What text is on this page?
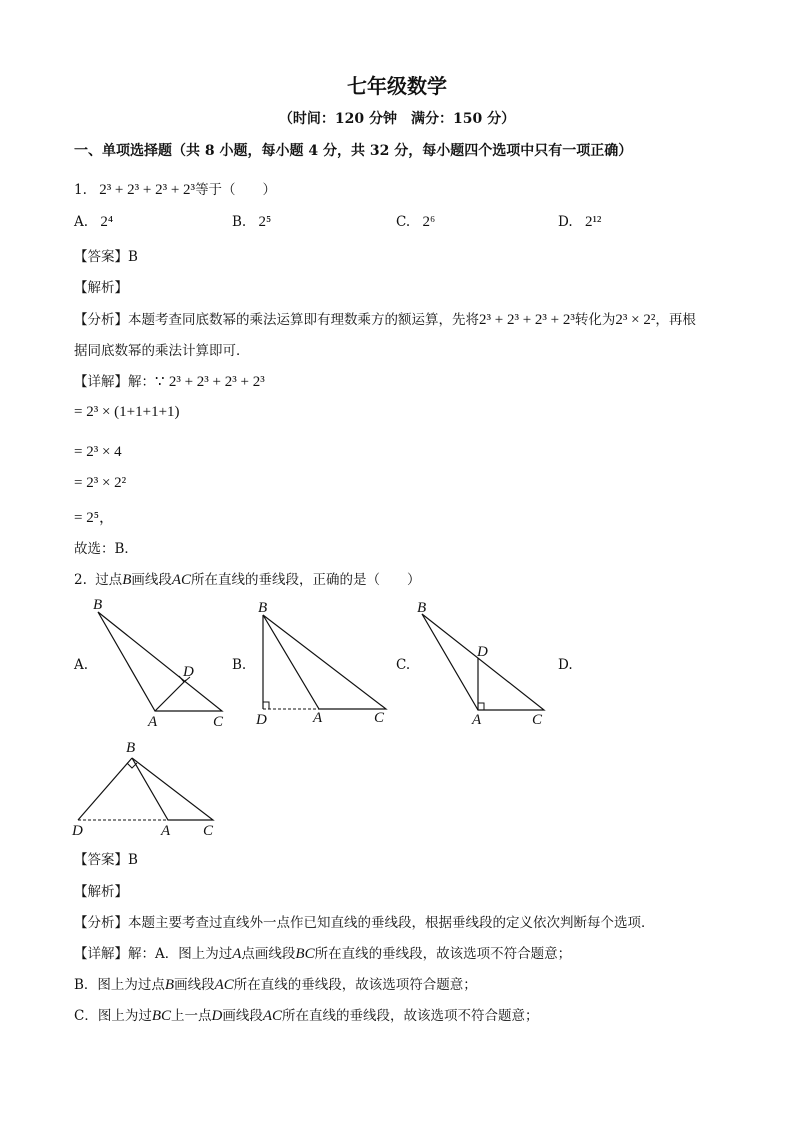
七年级数学
（时间：120 分钟　满分：150 分）
一、单项选择题（共 8 小题，每小题 4 分，共 32 分，每小题四个选项中只有一项正确）
1. 2³ + 2³ + 2³ + 2³等于（　　）
A. 2⁴	B. 2⁵	C. 2⁶	D. 2¹²
【答案】B
【解析】
【分析】本题考查同底数幂的乘法运算即有理数乘方的额运算，先将2³ + 2³ + 2³ + 2³转化为2³ × 2²，再根
据同底数幂的乘法计算即可．
【详解】解：∵ 2³ + 2³ + 2³ + 2³
= 2³ × (1+1+1+1)
= 2³ × 4
= 2³ × 2²
= 2⁵，
故选：B．
2. 过点B画线段AC所在直线的垂线段，正确的是（　　）
A.	B.	C.	D.
B
D
A	C
B
D	A	C
B
D
A	C
B
D	A C
【答案】B
【解析】
【分析】本题主要考查过直线外一点作已知直线的垂线段，根据垂线段的定义依次判断每个选项．
【详解】解：A．图上为过A点画线段BC所在直线的垂线段，故该选项不符合题意；
B．图上为过点B画线段AC所在直线的垂线段，故该选项符合题意；
C．图上为过BC上一点D画线段AC所在直线的垂线段，故该选项不符合题意；
